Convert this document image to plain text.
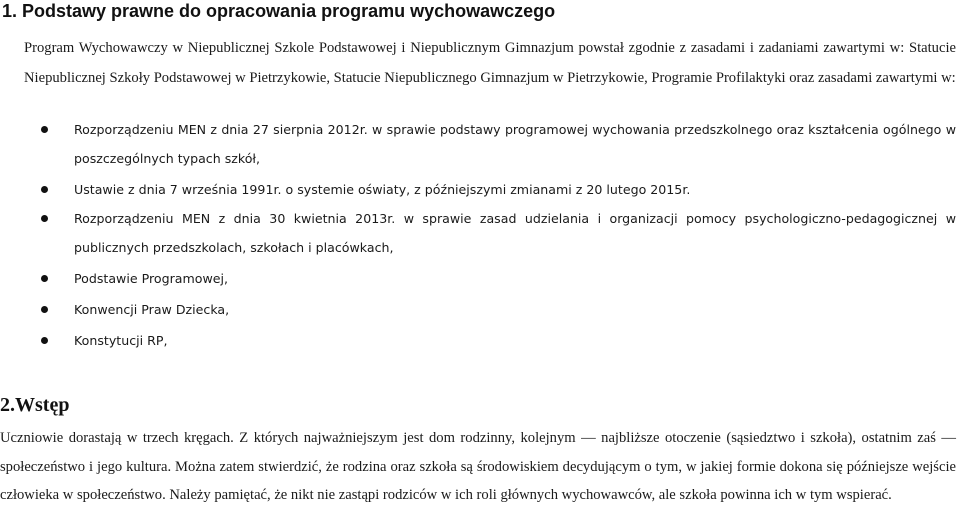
1. Podstawy prawne do opracowania programu wychowawczego

Program Wychowawczy w Niepublicznej Szkole Podstawowej i Niepublicznym Gimnazjum powstał zgodnie z zasadami i zadaniami zawartymi w: Statucie Niepublicznej Szkoły Podstawowej w Pietrzykowie, Statucie Niepublicznego Gimnazjum w Pietrzykowie, Programie Profilaktyki oraz zasadami zawartymi w:

Rozporządzeniu MEN z dnia 27 sierpnia 2012r. w sprawie podstawy programowej wychowania przedszkolnego oraz kształcenia ogólnego w poszczególnych typach szkół,
Ustawie z dnia 7 września 1991r. o systemie oświaty, z późniejszymi zmianami z 20 lutego 2015r.
Rozporządzeniu MEN z dnia 30 kwietnia 2013r. w sprawie zasad udzielania i organizacji pomocy psychologiczno-pedagogicznej w publicznych przedszkolach, szkołach i placówkach,
Podstawie Programowej,
Konwencji Praw Dziecka,
Konstytucji RP,
2.Wstęp

Uczniowie dorastają w trzech kręgach. Z których najważniejszym jest dom rodzinny, kolejnym — najbliższe otoczenie (sąsiedztwo i szkoła), ostatnim zaś — społeczeństwo i jego kultura. Można zatem stwierdzić, że rodzina oraz szkoła są środowiskiem decydującym o tym, w jakiej formie dokona się późniejsze wejście człowieka w społeczeństwo. Należy pamiętać, że nikt nie zastąpi rodziców w ich roli głównych wychowawców, ale szkoła powinna ich w tym wspierać.
